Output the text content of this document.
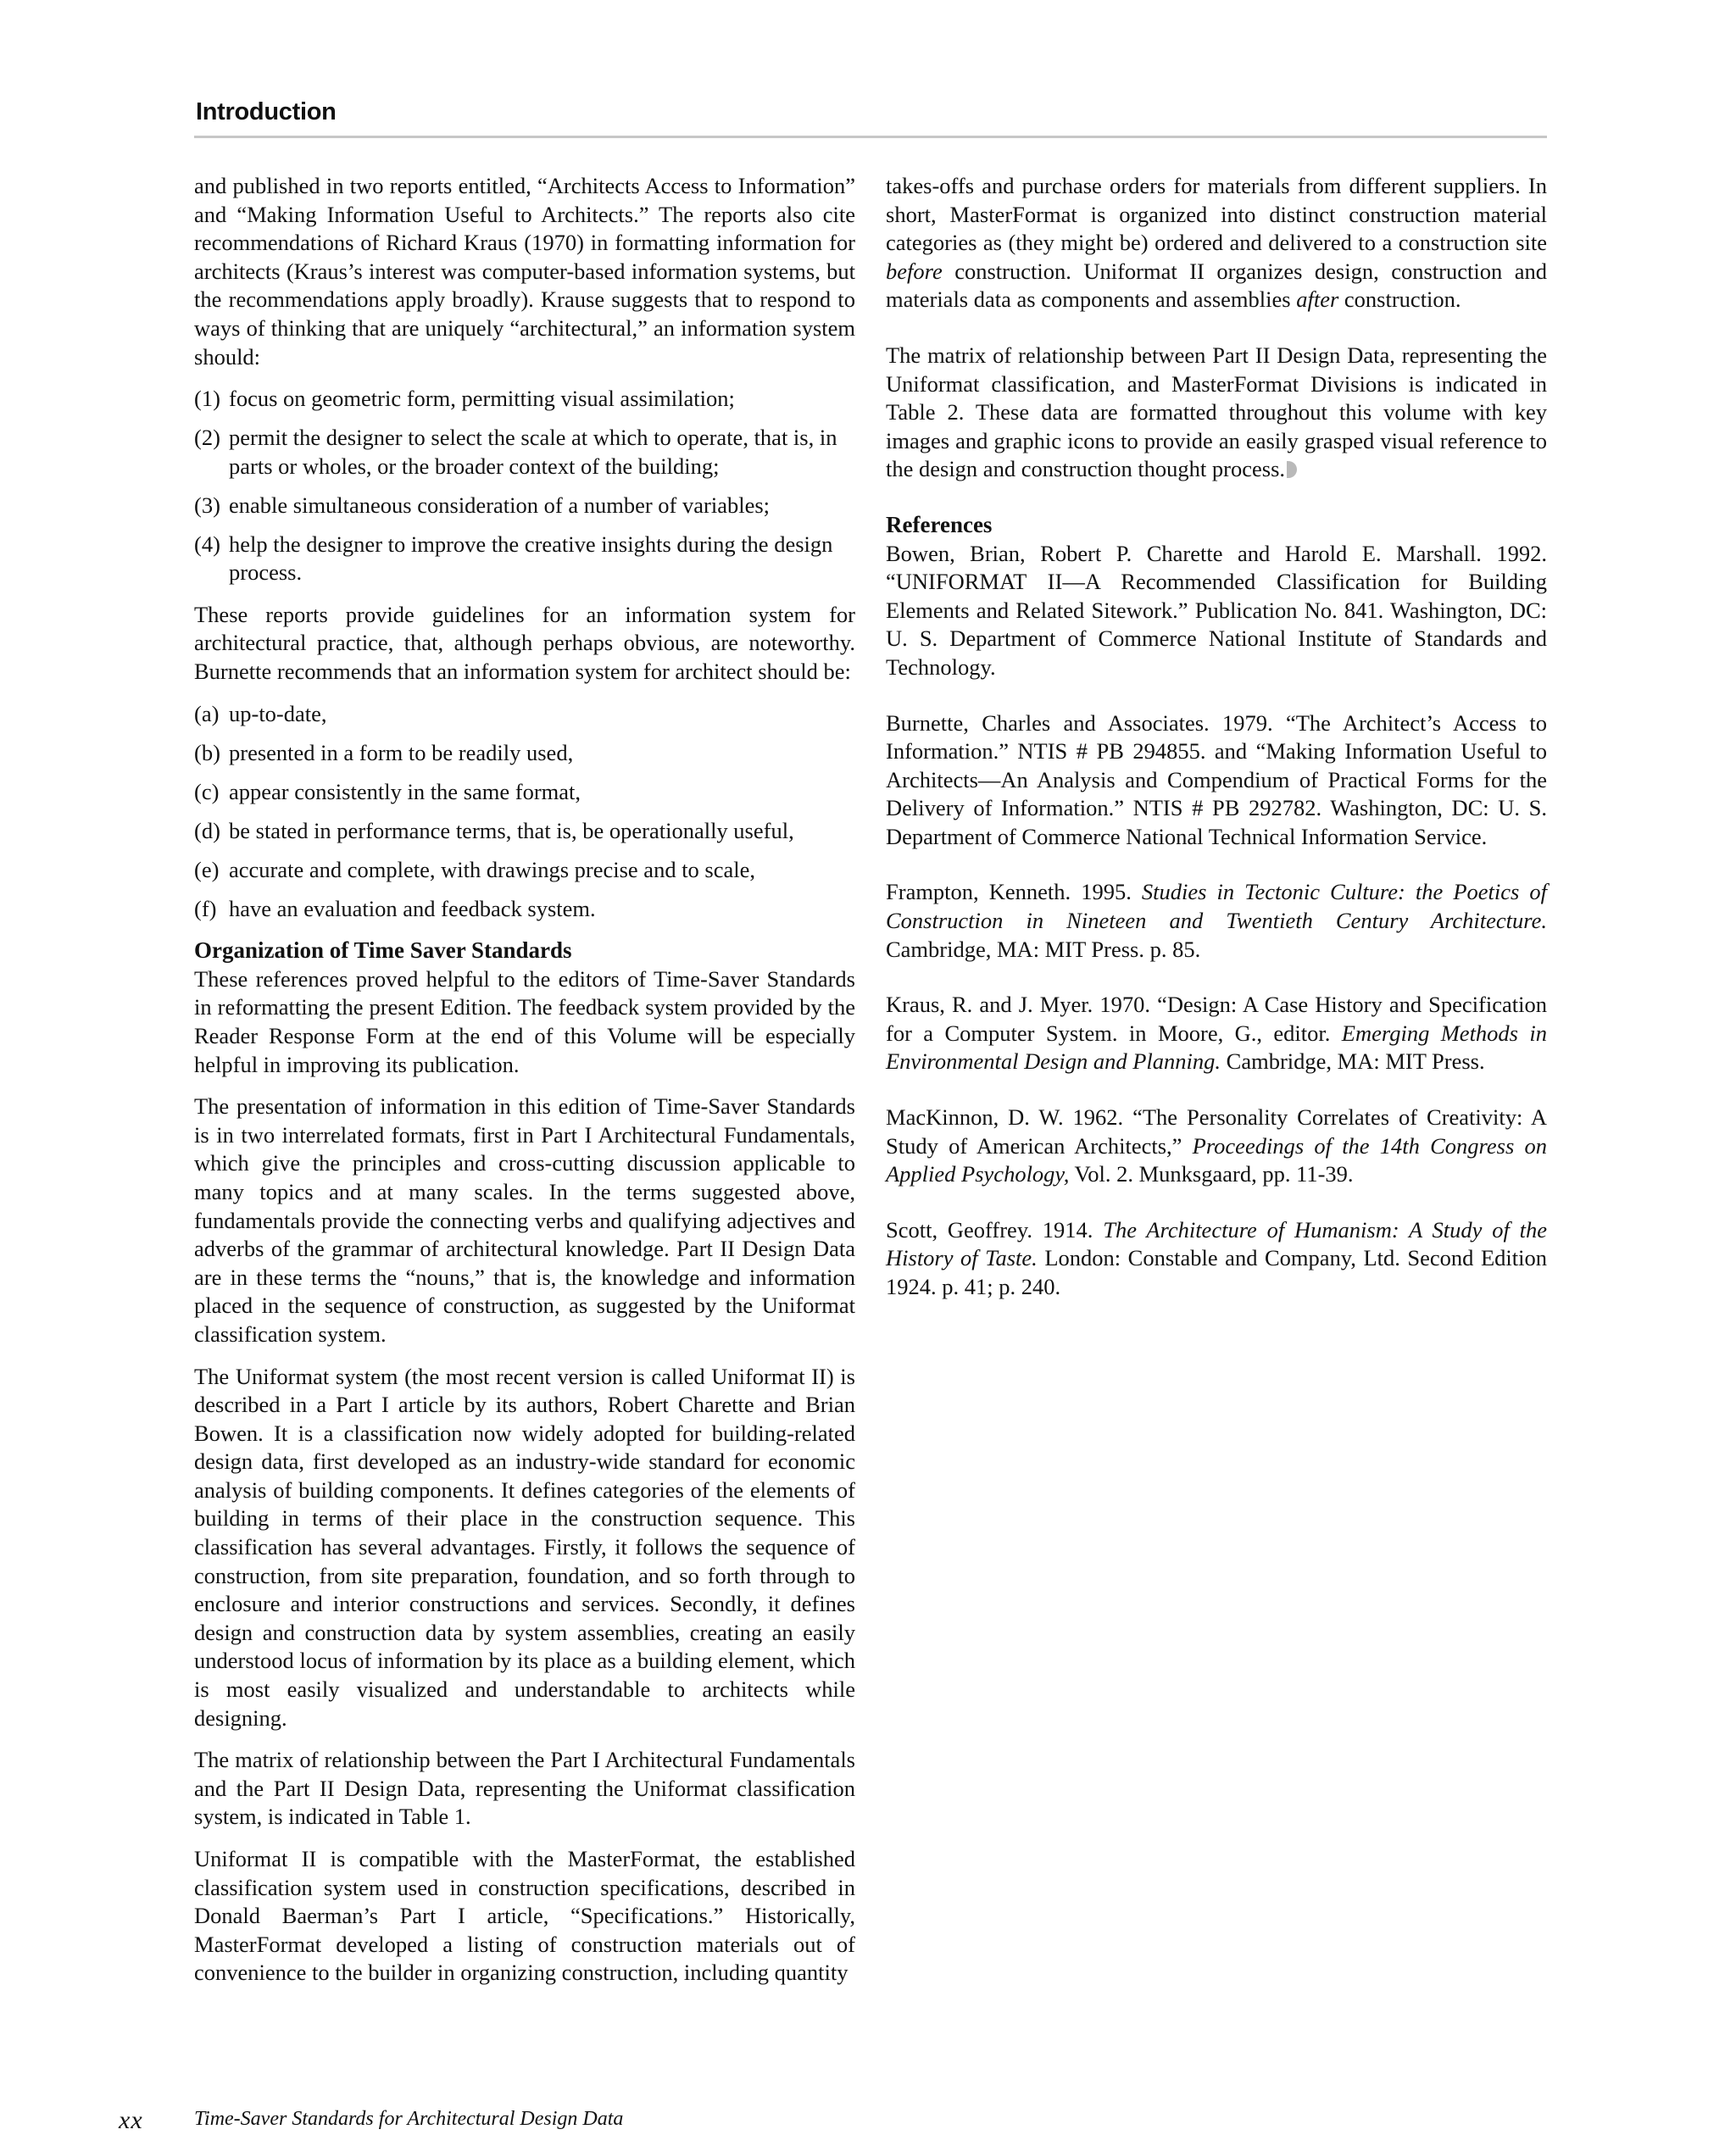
Introduction

and published in two reports entitled, “Architects Access to Information” and “Making Information Useful to Architects.” The reports also cite recommendations of Richard Kraus (1970) in formatting information for architects (Kraus’s interest was computer-based information systems, but the recommendations apply broadly). Krause suggests that to respond to ways of thinking that are uniquely “architectural,” an information system should:

(1) focus on geometric form, permitting visual assimilation;
(2) permit the designer to select the scale at which to operate, that is, in parts or wholes, or the broader context of the building;
(3) enable simultaneous consideration of a number of variables;
(4) help the designer to improve the creative insights during the design process.

These reports provide guidelines for an information system for architectural practice, that, although perhaps obvious, are noteworthy. Burnette recommends that an information system for architect should be:

(a) up-to-date,
(b) presented in a form to be readily used,
(c) appear consistently in the same format,
(d) be stated in performance terms, that is, be operationally useful,
(e) accurate and complete, with drawings precise and to scale,
(f) have an evaluation and feedback system.
Organization of Time Saver Standards

These references proved helpful to the editors of Time-Saver Standards in reformatting the present Edition. The feedback system provided by the Reader Response Form at the end of this Volume will be especially helpful in improving its publication.

The presentation of information in this edition of Time-Saver Standards is in two interrelated formats, first in Part I Architectural Fundamentals, which give the principles and cross-cutting discussion applicable to many topics and at many scales. In the terms suggested above, fundamentals provide the connecting verbs and qualifying adjectives and adverbs of the grammar of architectural knowledge. Part II Design Data are in these terms the “nouns,” that is, the knowledge and information placed in the sequence of construction, as suggested by the Uniformat classification system.

The Uniformat system (the most recent version is called Uniformat II) is described in a Part I article by its authors, Robert Charette and Brian Bowen. It is a classification now widely adopted for building-related design data, first developed as an industry-wide standard for economic analysis of building components. It defines categories of the elements of building in terms of their place in the construction sequence. This classification has several advantages. Firstly, it follows the sequence of construction, from site preparation, foundation, and so forth through to enclosure and interior constructions and services. Secondly, it defines design and construction data by system assemblies, creating an easily understood locus of information by its place as a building element, which is most easily visualized and understandable to architects while designing.

The matrix of relationship between the Part I Architectural Fundamentals and the Part II Design Data, representing the Uniformat classification system, is indicated in Table 1.

Uniformat II is compatible with the MasterFormat, the established classification system used in construction specifications, described in Donald Baerman’s Part I article, “Specifications.” Historically, MasterFormat developed a listing of construction materials out of convenience to the builder in organizing construction, including quantity

takes-offs and purchase orders for materials from different suppliers. In short, MasterFormat is organized into distinct construction material categories as (they might be) ordered and delivered to a construction site before construction. Uniformat II organizes design, construction and materials data as components and assemblies after construction.

The matrix of relationship between Part II Design Data, representing the Uniformat classification, and MasterFormat Divisions is indicated in Table 2. These data are formatted throughout this volume with key images and graphic icons to provide an easily grasped visual reference to the design and construction thought process.

References

Bowen, Brian, Robert P. Charette and Harold E. Marshall. 1992. “UNIFORMAT II—A Recommended Classification for Building Elements and Related Sitework.” Publication No. 841. Washington, DC: U. S. Department of Commerce National Institute of Standards and Technology.

Burnette, Charles and Associates. 1979. “The Architect’s Access to Information.” NTIS # PB 294855. and “Making Information Useful to Architects—An Analysis and Compendium of Practical Forms for the Delivery of Information.” NTIS # PB 292782. Washington, DC: U. S. Department of Commerce National Technical Information Service.

Frampton, Kenneth. 1995. Studies in Tectonic Culture: the Poetics of Construction in Nineteen and Twentieth Century Architecture. Cambridge, MA: MIT Press. p. 85.

Kraus, R. and J. Myer. 1970. “Design: A Case History and Specification for a Computer System. in Moore, G., editor. Emerging Methods in Environmental Design and Planning. Cambridge, MA: MIT Press.

MacKinnon, D. W. 1962. “The Personality Correlates of Creativity: A Study of American Architects,” Proceedings of the 14th Congress on Applied Psychology, Vol. 2. Munksgaard, pp. 11-39.

Scott, Geoffrey. 1914. The Architecture of Humanism: A Study of the History of Taste. London: Constable and Company, Ltd. Second Edition 1924. p. 41; p. 240.

xx	Time-Saver Standards for Architectural Design Data
